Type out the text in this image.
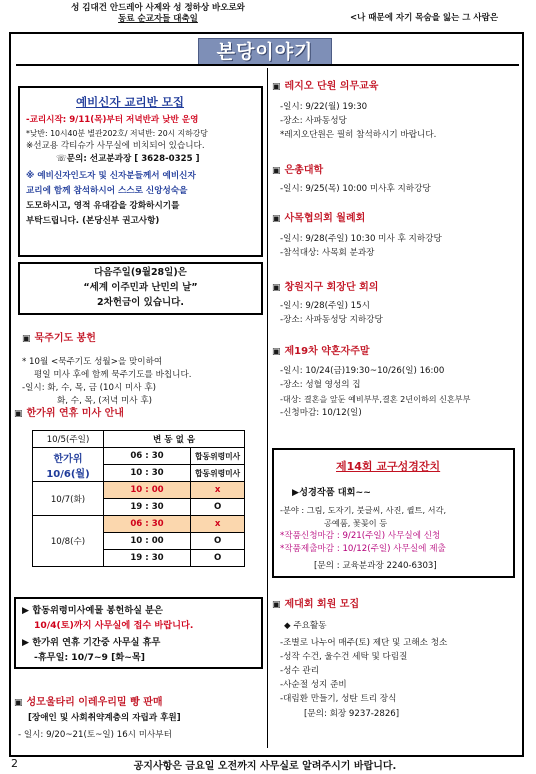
성 김대건 안드레아 사제와 성 정하상 바오로와
동료 순교자들 대축일	<나 때문에 자기 목숨을 잃는 그 사람은
본당이야기
예비신자 교리반 모집
-교리시작: 9/11(목)부터 저녁반과 낮반 운영
*낮반: 10시40분 별관202호/ 저녁반: 20시 지하강당
※선교용 각티슈가 사무실에 비치되어 있습니다.
☏문의: 선교분과장 [ 3628-0325 ]
※ 예비신자인도자 및 신자분들께서 예비신자
교리에 함께 참석하시어 스스로 신앙성숙을
도모하시고, 영적 유대감을 강화하시기를
부탁드립니다. (본당신부 권고사항)
다음주일(9월28일)은
“세계 이주민과 난민의 날”
2차헌금이 있습니다.
▣ 묵주기도 봉헌
* 10월 <묵주기도 성월>을 맞이하여
평일 미사 후에 함께 묵주기도를 바칩니다.
-일시: 화, 수, 목, 금 (10시 미사 후)
화, 수, 목, (저녁 미사 후)
▣ 한가위 연휴 미사 안내
10/5(주일)	변 동 없 음	
한가위
10/6(월)	06 : 30	합동위령미사
	10 : 30	합동위령미사
10/7(화)	10 : 00	x
	19 : 30	O
10/8(수)	06 : 30	x
	10 : 00	O
	19 : 30	O
▶ 합동위령미사예물 봉헌하실 분은
10/4(토)까지 사무실에 접수 바랍니다.
▶ 한가위 연휴 기간중 사무실 휴무
-휴무일: 10/7~9 [화~목]
▣ 성모울타리 이레우리밀 빵 판매
[장애인 및 사회취약계층의 자립과 후원]
- 일시: 9/20~21(토~일) 16시 미사부터
▣ 레지오 단원 의무교육
-일시: 9/22(월) 19:30
-장소: 사파동성당
*레지오단원은 필히 참석하시기 바랍니다.
▣ 은총대학
-일시: 9/25(목) 10:00 미사후 지하강당
▣ 사목협의회 월례회
-일시: 9/28(주일) 10:30 미사 후 지하강당
-참석대상: 사목회 분과장
▣ 창원지구 회장단 회의
-일시: 9/28(주일) 15시
-장소: 사파동성당 지하강당
▣ 제19차 약혼자주말
-일시: 10/24(금)19:30~10/26(일) 16:00
-장소: 성혈 영성의 집
-대상: 결혼을 앞둔 예비부부,결혼 2년이하의 신혼부부
-신청마감: 10/12(일)
제14회 교구성경잔치
▶성경작품 대회~~
-분야 : 그림, 도자기, 붓글씨, 사진, 퀼트, 서각,
공예품, 꽃꽂이 등
*작품신청마감 : 9/21(주일) 사무실에 신청
*작품제출마감 : 10/12(주일) 사무실에 제출
[문의 : 교육분과장 2240-6303]
▣ 제대회 회원 모집
◆ 주요활동
-조별로 나누어 매주(토) 제단 및 고해소 청소
-성작 수건, 울수건 세탁 및 다림질
-성수 관리
-사순절 성지 준비
-대림환 만들기, 성탄 트리 장식
[문의: 회장 9237-2826]
2	공지사항은 금요일 오전까지 사무실로 알려주시기 바랍니다.
